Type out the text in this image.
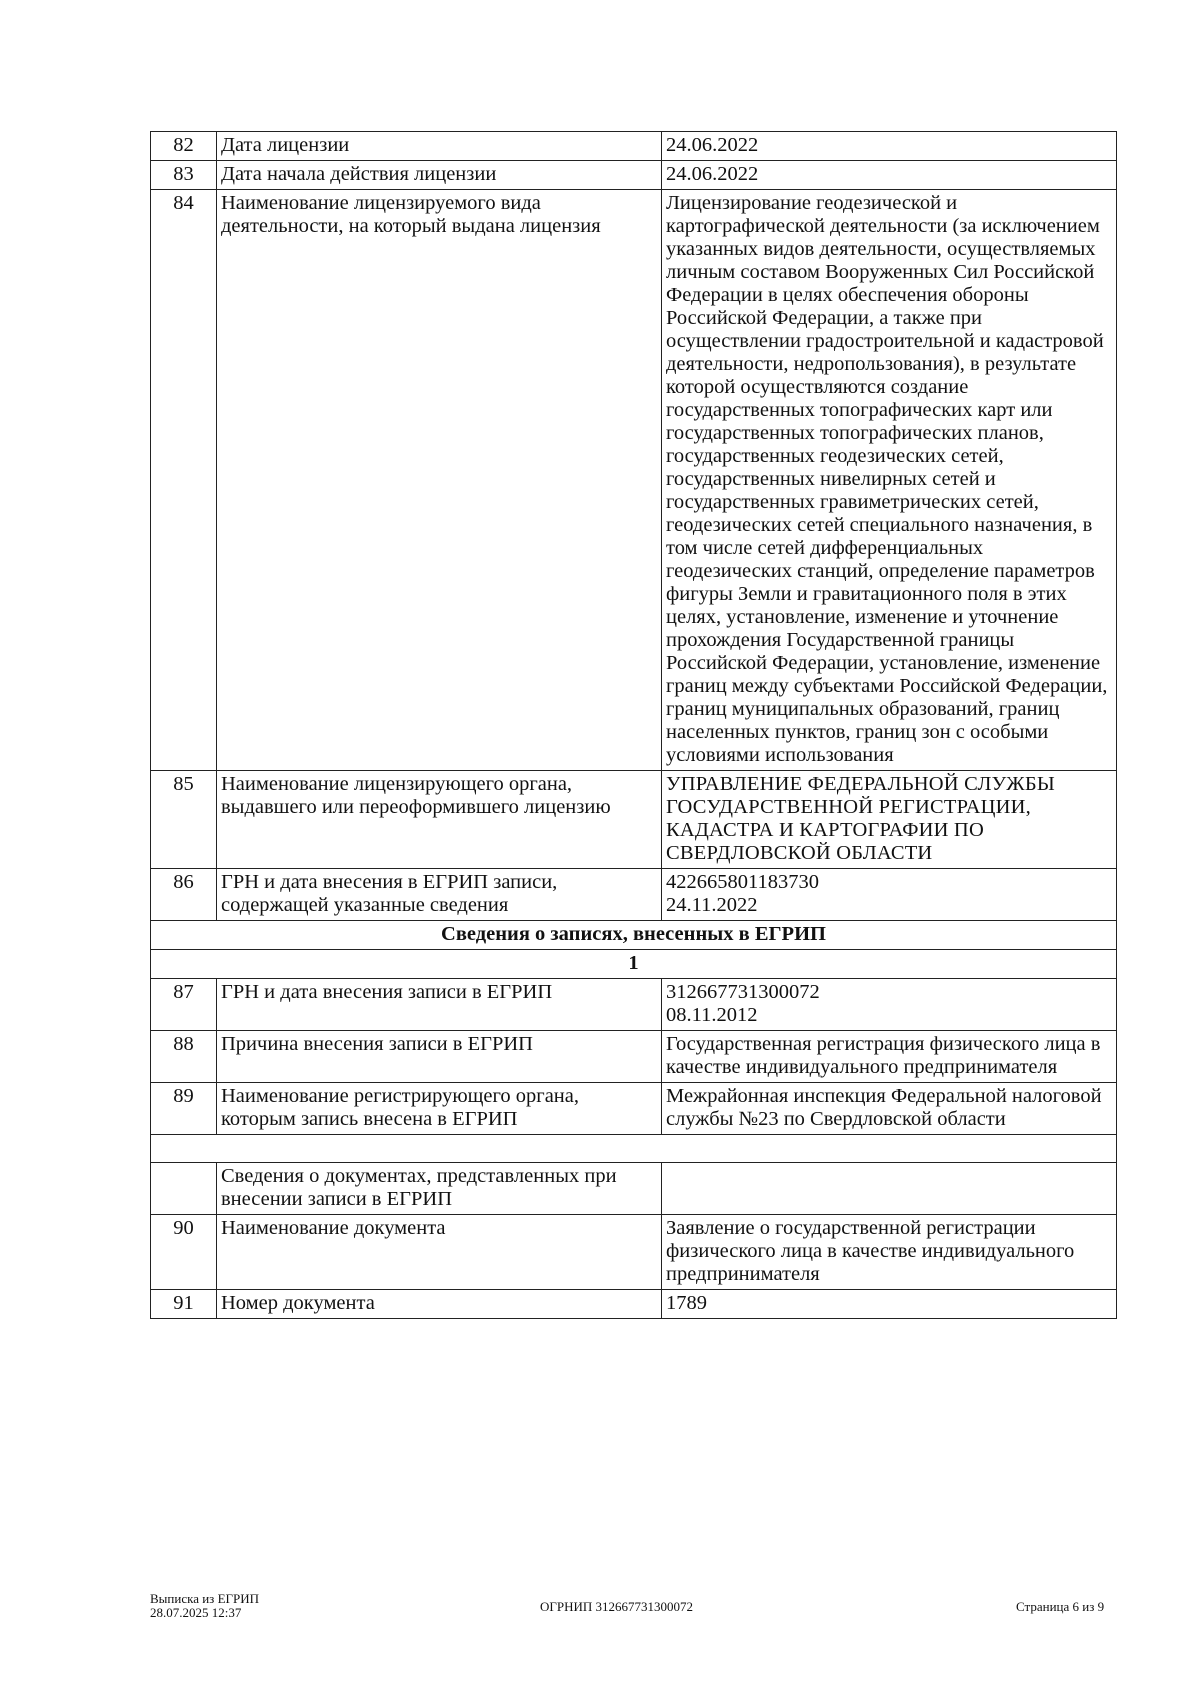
82	Дата лицензии	24.06.2022
83	Дата начала действия лицензии	24.06.2022
84	Наименование лицензируемого вида деятельности, на который выдана лицензия	Лицензирование геодезической и картографической деятельности (за исключением указанных видов деятельности, осуществляемых личным составом Вооруженных Сил Российской Федерации в целях обеспечения обороны Российской Федерации, а также при осуществлении градостроительной и кадастровой деятельности, недропользования), в результате которой осуществляются создание государственных топографических карт или государственных топографических планов, государственных геодезических сетей, государственных нивелирных сетей и государственных гравиметрических сетей, геодезических сетей специального назначения, в том числе сетей дифференциальных геодезических станций, определение параметров фигуры Земли и гравитационного поля в этих целях, установление, изменение и уточнение прохождения Государственной границы Российской Федерации, установление, изменение границ между субъектами Российской Федерации, границ муниципальных образований, границ населенных пунктов, границ зон с особыми условиями использования
85	Наименование лицензирующего органа, выдавшего или переоформившего лицензию	УПРАВЛЕНИЕ ФЕДЕРАЛЬНОЙ СЛУЖБЫ ГОСУДАРСТВЕННОЙ РЕГИСТРАЦИИ, КАДАСТРА И КАРТОГРАФИИ ПО СВЕРДЛОВСКОЙ ОБЛАСТИ
86	ГРН и дата внесения в ЕГРИП записи, содержащей указанные сведения	422665801183730
24.11.2022

Сведения о записях, внесенных в ЕГРИП		
1		
87	ГРН и дата внесения записи в ЕГРИП	312667731300072
08.11.2012

88	Причина внесения записи в ЕГРИП	Государственная регистрация физического лица в качестве индивидуального предпринимателя
89	Наименование регистрирующего органа, которым запись внесена в ЕГРИП	Межрайонная инспекция Федеральной налоговой службы №23 по Свердловской области

	Сведения о документах, представленных при внесении записи в ЕГРИП	
90	Наименование документа	Заявление о государственной регистрации физического лица в качестве индивидуального предпринимателя
91	Номер документа	1789
Выписка из ЕГРИП
28.07.2025 12:37	ОГРНИП 312667731300072	Страница 6 из 9
